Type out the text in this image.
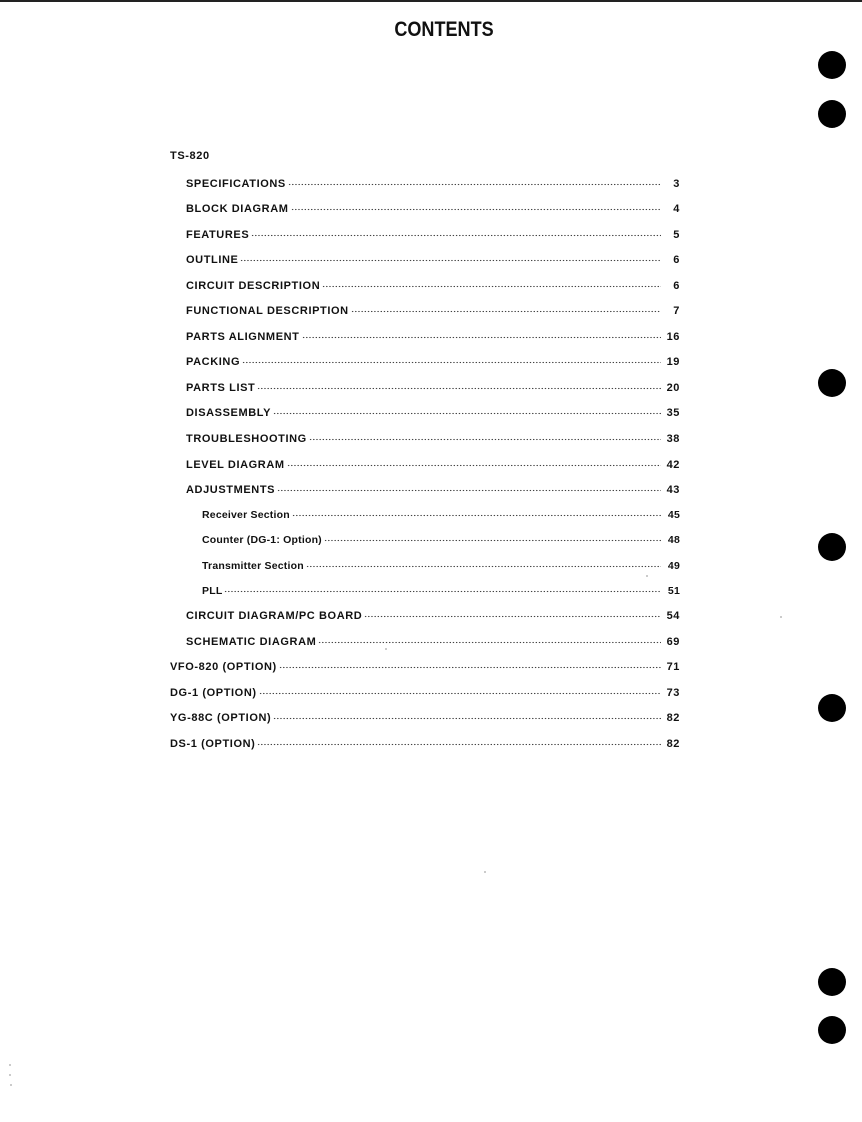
CONTENTS
TS-820
SPECIFICATIONS	3
BLOCK DIAGRAM	4
FEATURES	5
OUTLINE	6
CIRCUIT DESCRIPTION	6
FUNCTIONAL DESCRIPTION	7
PARTS ALIGNMENT	16
PACKING	19
PARTS LIST	20
DISASSEMBLY	35
TROUBLESHOOTING	38
LEVEL DIAGRAM	42
ADJUSTMENTS	43
Receiver Section	45
Counter (DG-1: Option)	48
Transmitter Section	49
PLL	51
CIRCUIT DIAGRAM/PC BOARD	54
SCHEMATIC DIAGRAM	69
VFO-820 (OPTION)	71
DG-1 (OPTION)	73
YG-88C (OPTION)	82
DS-1 (OPTION)	82
